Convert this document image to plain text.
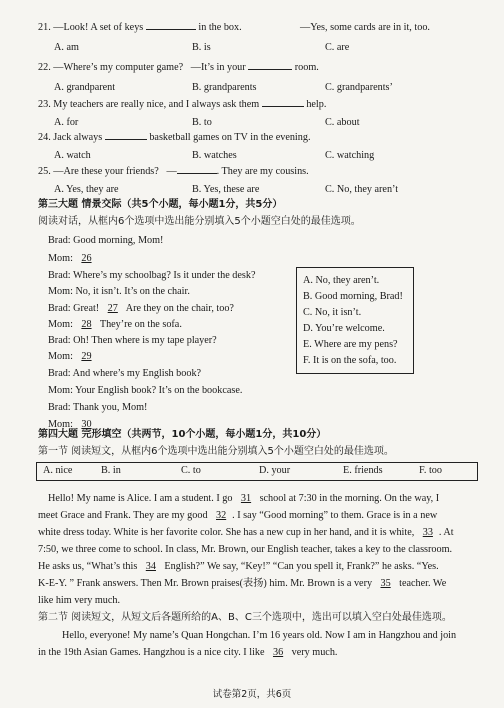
21. —Look! A set of keys	in the box.	—Yes, some cards are in it, too.
A. am	B. is	C. are
22. —Where’s my computer game? —It’s in your	room.
A. grandparent	B. grandparents	C. grandparents’
23. My teachers are really nice, and I always ask them	help.
A. for	B. to	C. about
24. Jack always	basketball games on TV in the evening.
A. watch	B. watches	C. watching
25. —Are these your friends? —	. They are my cousins.
A. Yes, they are	B. Yes, these are	C. No, they aren’t
第三大题 情景交际（共5个小题，每小题1分，共5分）
阅读对话，从框内6个选项中选出能分别填入5个小题空白处的最佳选项。
Brad: Good morning, Mom!
Mom: 26
Brad: Where’s my schoolbag? Is it under the desk?
Mom: No, it isn’t. It’s on the chair.
Brad: Great! 27 Are they on the chair, too?
Mom: 28 They’re on the sofa.
Brad: Oh! Then where is my tape player?
Mom: 29
Brad: And where’s my English book?
Mom: Your English book? It’s on the bookcase.
Brad: Thank you, Mom!
Mom: 30
A. No, they aren’t.
B. Good morning, Brad!
C. No, it isn’t.
D. You’re welcome.
E. Where are my pens?
F. It is on the sofa, too.
第四大题 完形填空（共两节，10个小题，每小题1分，共10分）
第一节 阅读短文，从框内6个选项中选出能分别填入5个小题空白处的最佳选项。
A. nice	B. in	C. to	D. your	E. friends	F. too
Hello! My name is Alice. I am a student. I go 31 school at 7:30 in the morning. On the way, I
meet Grace and Frank. They are my good 32 . I say “Good morning” to them. Grace is in a new
white dress today. White is her favorite color. She has a new cup in her hand, and it is white, 33 . At
7:50, we three come to school. In class, Mr. Brown, our English teacher, takes a key to the classroom.
He asks us, “What’s this 34 English?” We say, “Key!” “Can you spell it, Frank?” he asks. “Yes.
K-E-Y. ” Frank answers. Then Mr. Brown praises(表扬) him. Mr. Brown is a very 35 teacher. We
like him very much.
第二节 阅读短文，从短文后各题所给的A、B、C三个选项中，选出可以填入空白处最佳选项。
Hello, everyone! My name’s Quan Hongchan. I’m 16 years old. Now I am in Hangzhou and join
in the 19th Asian Games. Hangzhou is a nice city. I like 36 very much.
试卷第2页，共6页
